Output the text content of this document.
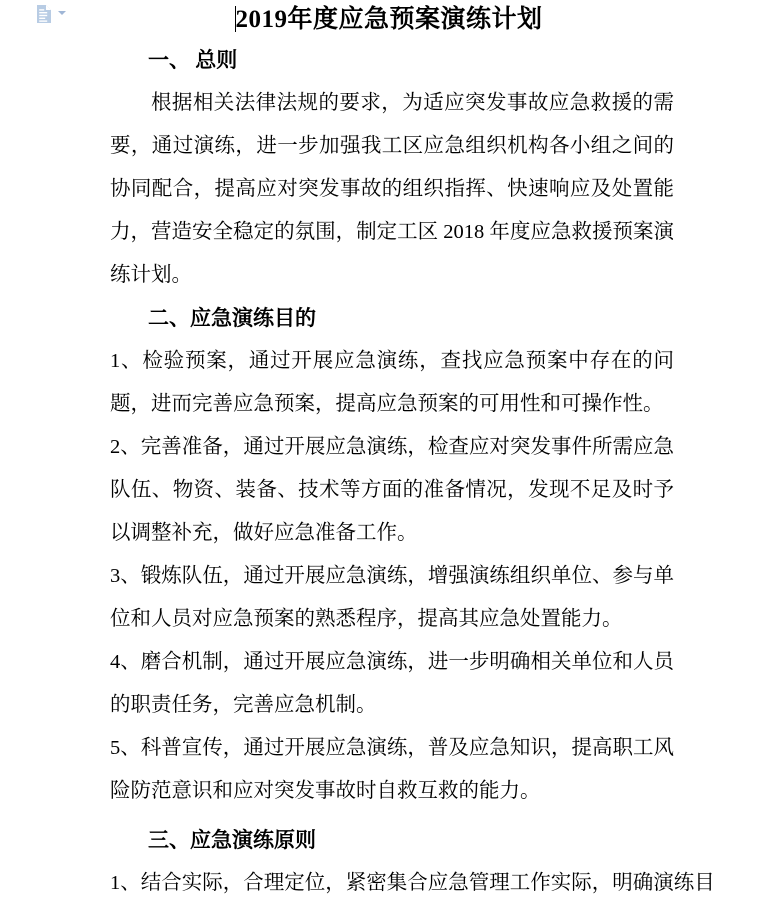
2019年度应急预案演练计划
一、 总则

根据相关法律法规的要求，为适应突发事故应急救援的需要，通过演练，进一步加强我工区应急组织机构各小组之间的协同配合，提高应对突发事故的组织指挥、快速响应及处置能力，营造安全稳定的氛围，制定工区 2018 年度应急救援预案演练计划。

二、应急演练目的

1、检验预案，通过开展应急演练，查找应急预案中存在的问题，进而完善应急预案，提高应急预案的可用性和可操作性。

2、完善准备，通过开展应急演练，检查应对突发事件所需应急队伍、物资、装备、技术等方面的准备情况，发现不足及时予以调整补充，做好应急准备工作。

3、锻炼队伍，通过开展应急演练，增强演练组织单位、参与单位和人员对应急预案的熟悉程序，提高其应急处置能力。

4、磨合机制，通过开展应急演练，进一步明确相关单位和人员的职责任务，完善应急机制。

5、科普宣传，通过开展应急演练，普及应急知识，提高职工风险防范意识和应对突发事故时自救互救的能力。

三、应急演练原则

1、结合实际，合理定位，紧密集合应急管理工作实际，明确演练目
